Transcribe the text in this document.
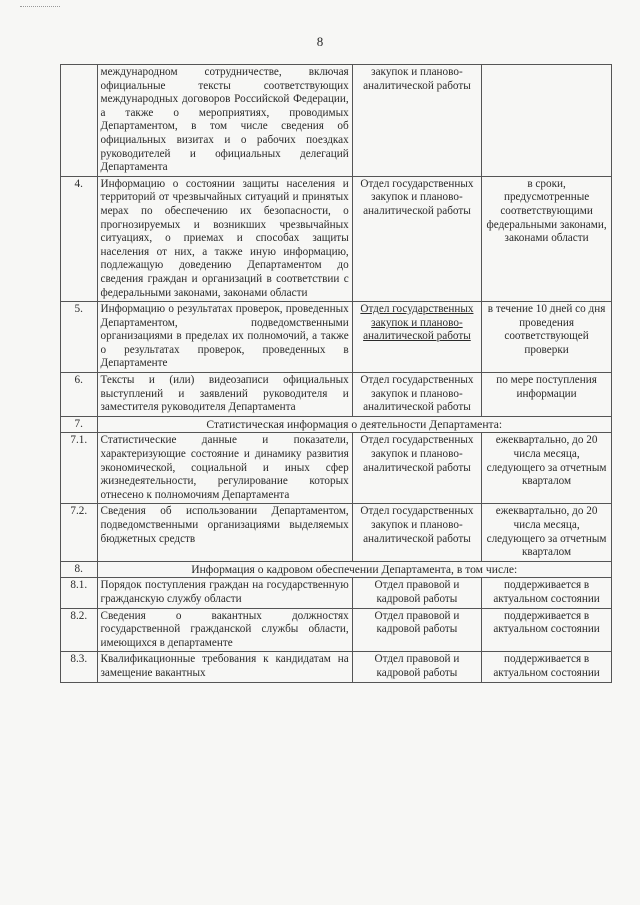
8
	международном сотрудничестве, включая официальные тексты соответствующих международных договоров Российской Федерации, а также о мероприятиях, проводимых Департаментом, в том числе сведения об официальных визитах и о рабочих поездках руководителей и официальных делегаций Департамента	закупок и планово-аналитической работы	
4.	Информацию о состоянии защиты населения и территорий от чрезвычайных ситуаций и принятых мерах по обеспечению их безопасности, о прогнозируемых и возникших чрезвычайных ситуациях, о приемах и способах защиты населения от них, а также иную информацию, подлежащую доведению Департаментом до сведения граждан и организаций в соответствии с федеральными законами, законами области	Отдел государственных закупок и планово-аналитической работы	в сроки, предусмотренные соответствующими федеральными законами, законами области
5.	Информацию о результатах проверок, проведенных Департаментом, подведомственными организациями в пределах их полномочий, а также о результатах проверок, проведенных в Департаменте	Отдел государственных закупок и планово-аналитической работы	в течение 10 дней со дня проведения соответствующей проверки
6.	Тексты и (или) видеозаписи официальных выступлений и заявлений руководителя и заместителя руководителя Департамента	Отдел государственных закупок и планово-аналитической работы	по мере поступления информации
7.	Статистическая информация о деятельности Департамента:		
7.1.	Статистические данные и показатели, характеризующие состояние и динамику развития экономической, социальной и иных сфер жизнедеятельности, регулирование которых отнесено к полномочиям Департамента	Отдел государственных закупок и планово-аналитической работы	ежеквартально, до 20 числа месяца, следующего за отчетным кварталом
7.2.	Сведения об использовании Департаментом, подведомственными организациями выделяемых бюджетных средств	Отдел государственных закупок и планово-аналитической работы	ежеквартально, до 20 числа месяца, следующего за отчетным кварталом
8.	Информация о кадровом обеспечении Департамента, в том числе:		
8.1.	Порядок поступления граждан на государственную гражданскую службу области	Отдел правовой и кадровой работы	поддерживается в актуальном состоянии
8.2.	Сведения о вакантных должностях государственной гражданской службы области, имеющихся в департаменте	Отдел правовой и кадровой работы	поддерживается в актуальном состоянии
8.3.	Квалификационные требования к кандидатам на замещение вакантных	Отдел правовой и кадровой работы	поддерживается в актуальном состоянии
